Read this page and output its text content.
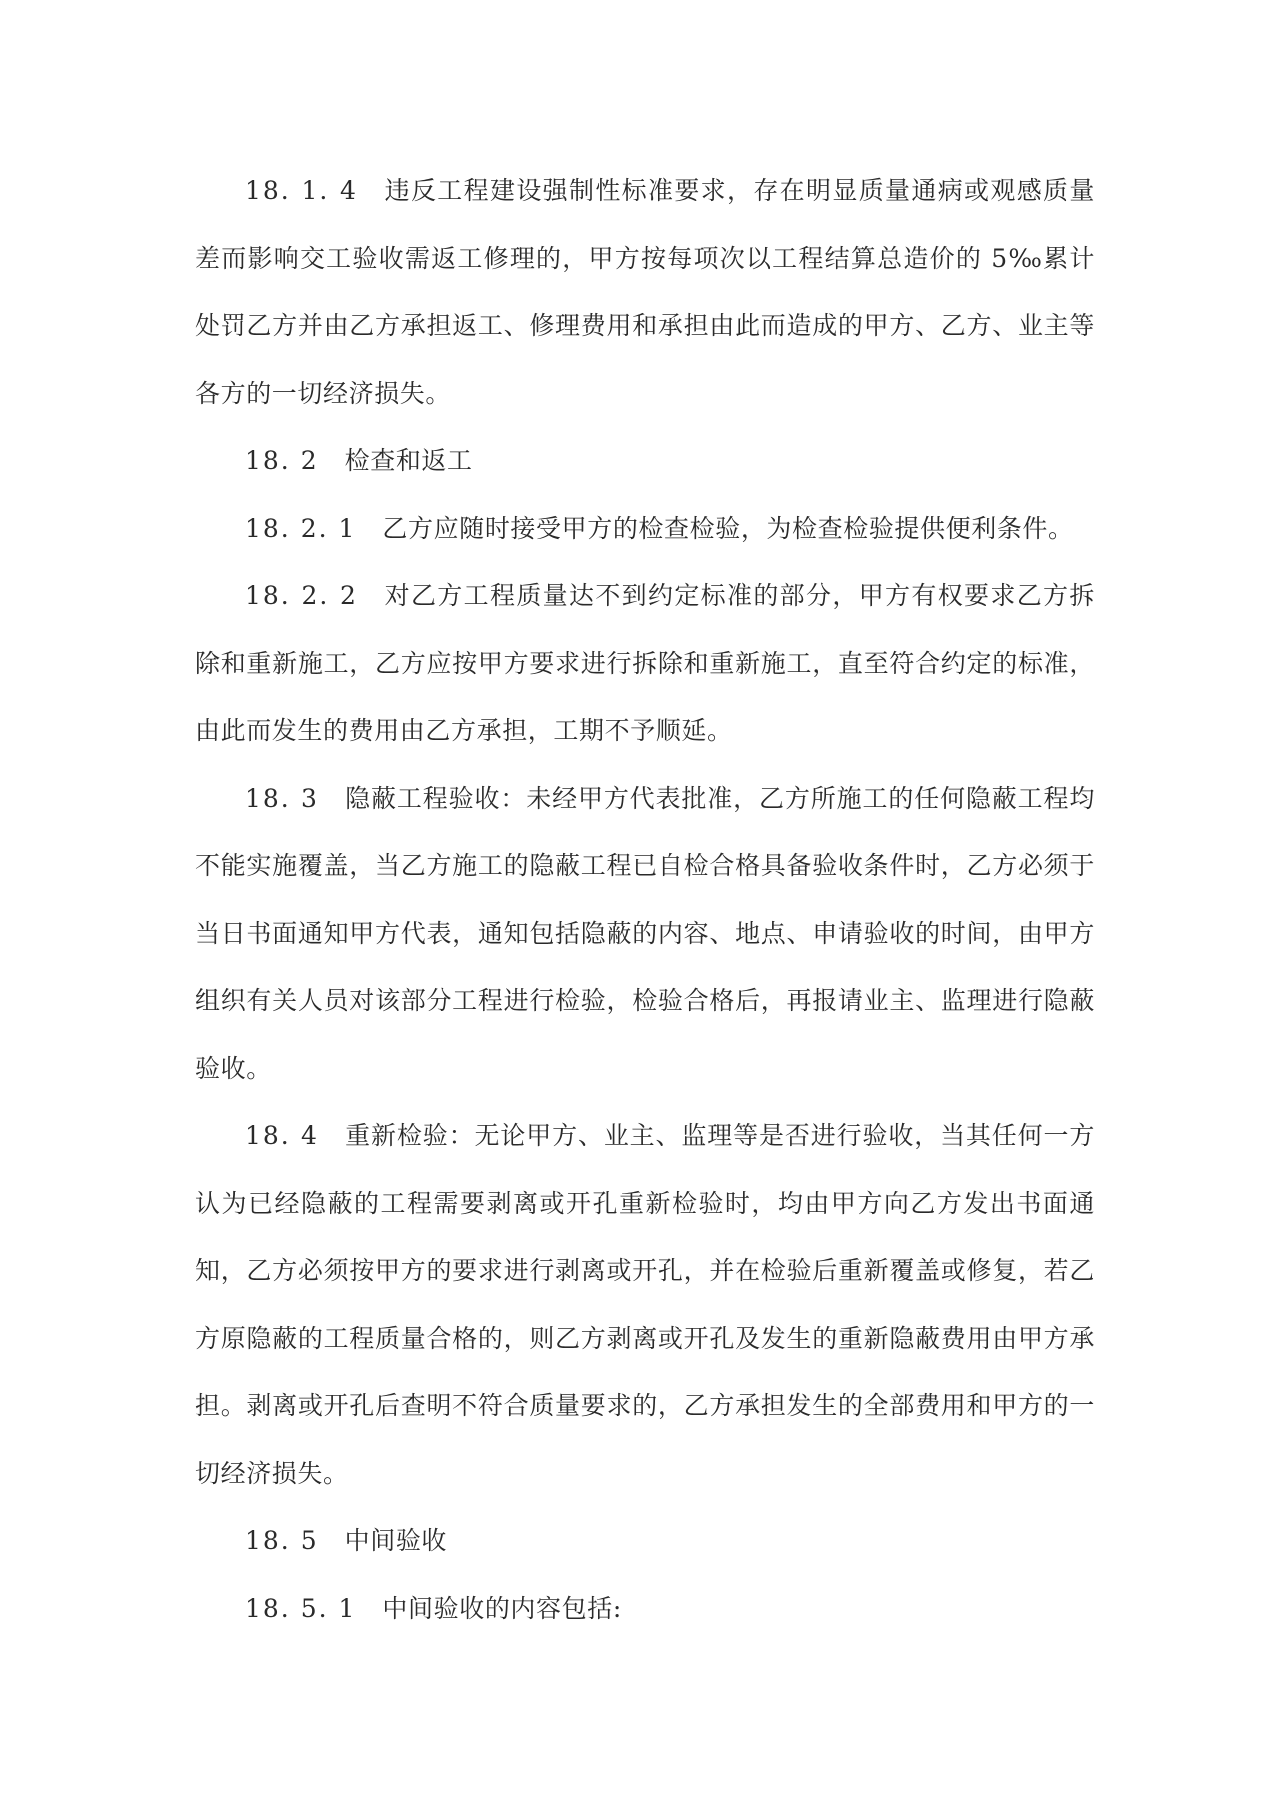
18. 1. 4 违反工程建设强制性标准要求，存在明显质量通病或观感质量差而影响交工验收需返工修理的，甲方按每项次以工程结算总造价的 5‰累计处罚乙方并由乙方承担返工、修理费用和承担由此而造成的甲方、乙方、业主等各方的一切经济损失。

18. 2 检查和返工

18. 2. 1 乙方应随时接受甲方的检查检验，为检查检验提供便利条件。

18. 2. 2 对乙方工程质量达不到约定标准的部分，甲方有权要求乙方拆除和重新施工，乙方应按甲方要求进行拆除和重新施工，直至符合约定的标准，由此而发生的费用由乙方承担，工期不予顺延。

18. 3 隐蔽工程验收：未经甲方代表批准，乙方所施工的任何隐蔽工程均不能实施覆盖，当乙方施工的隐蔽工程已自检合格具备验收条件时，乙方必须于当日书面通知甲方代表，通知包括隐蔽的内容、地点、申请验收的时间，由甲方组织有关人员对该部分工程进行检验，检验合格后，再报请业主、监理进行隐蔽验收。

18. 4 重新检验：无论甲方、业主、监理等是否进行验收，当其任何一方认为已经隐蔽的工程需要剥离或开孔重新检验时，均由甲方向乙方发出书面通知，乙方必须按甲方的要求进行剥离或开孔，并在检验后重新覆盖或修复，若乙方原隐蔽的工程质量合格的，则乙方剥离或开孔及发生的重新隐蔽费用由甲方承担。剥离或开孔后查明不符合质量要求的，乙方承担发生的全部费用和甲方的一切经济损失。

18. 5 中间验收

18. 5. 1 中间验收的内容包括:
